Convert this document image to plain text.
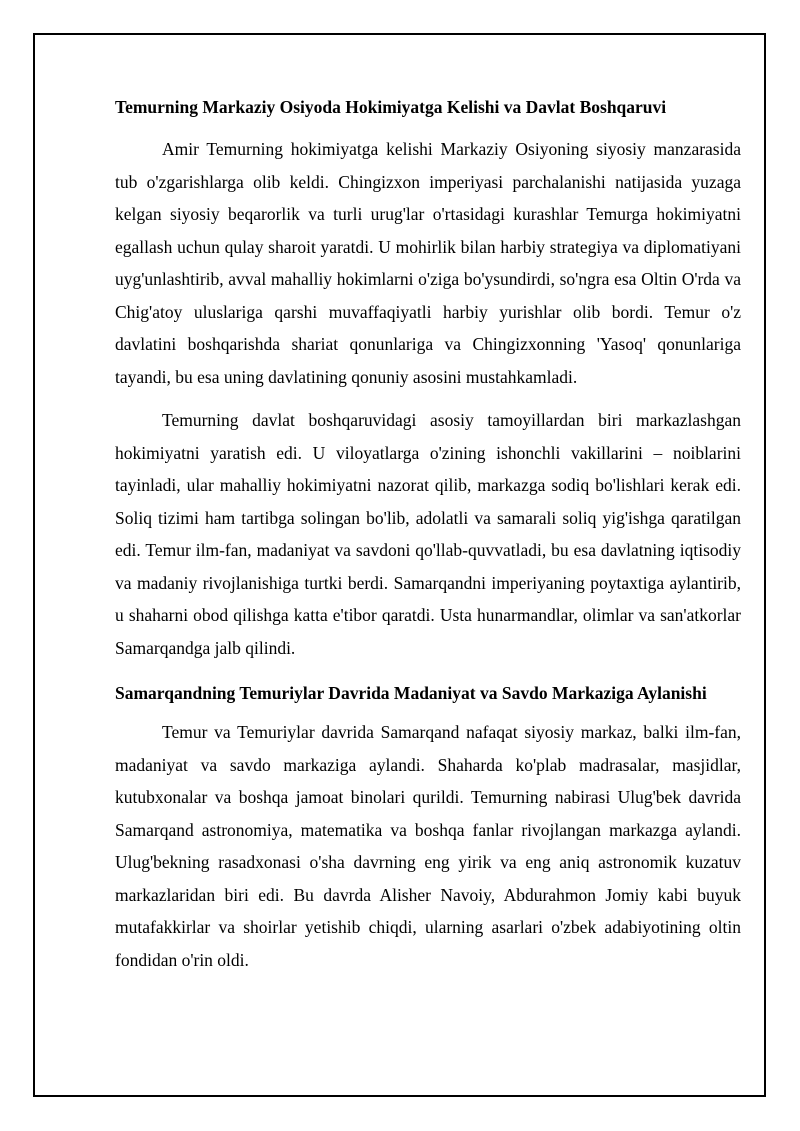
Temurning Markaziy Osiyoda Hokimiyatga Kelishi va Davlat Boshqaruvi

Amir Temurning hokimiyatga kelishi Markaziy Osiyoning siyosiy manzarasida tub o'zgarishlarga olib keldi. Chingizxon imperiyasi parchalanishi natijasida yuzaga kelgan siyosiy beqarorlik va turli urug'lar o'rtasidagi kurashlar Temurga hokimiyatni egallash uchun qulay sharoit yaratdi. U mohirlik bilan harbiy strategiya va diplomatiyani uyg'unlashtirib, avval mahalliy hokimlarni o'ziga bo'ysundirdi, so'ngra esa Oltin O'rda va Chig'atoy uluslariga qarshi muvaffaqiyatli harbiy yurishlar olib bordi. Temur o'z davlatini boshqarishda shariat qonunlariga va Chingizxonning 'Yasoq' qonunlariga tayandi, bu esa uning davlatining qonuniy asosini mustahkamladi.

Temurning davlat boshqaruvidagi asosiy tamoyillardan biri markazlashgan hokimiyatni yaratish edi. U viloyatlarga o'zining ishonchli vakillarini – noiblarini tayinladi, ular mahalliy hokimiyatni nazorat qilib, markazga sodiq bo'lishlari kerak edi. Soliq tizimi ham tartibga solingan bo'lib, adolatli va samarali soliq yig'ishga qaratilgan edi. Temur ilm-fan, madaniyat va savdoni qo'llab-quvvatladi, bu esa davlatning iqtisodiy va madaniy rivojlanishiga turtki berdi. Samarqandni imperiyaning poytaxtiga aylantirib, u shaharni obod qilishga katta e'tibor qaratdi. Usta hunarmandlar, olimlar va san'atkorlar Samarqandga jalb qilindi.

Samarqandning Temuriylar Davrida Madaniyat va Savdo Markaziga Aylanishi

Temur va Temuriylar davrida Samarqand nafaqat siyosiy markaz, balki ilm-fan, madaniyat va savdo markaziga aylandi. Shaharda ko'plab madrasalar, masjidlar, kutubxonalar va boshqa jamoat binolari qurildi. Temurning nabirasi Ulug'bek davrida Samarqand astronomiya, matematika va boshqa fanlar rivojlangan markazga aylandi. Ulug'bekning rasadxonasi o'sha davrning eng yirik va eng aniq astronomik kuzatuv markazlaridan biri edi. Bu davrda Alisher Navoiy, Abdurahmon Jomiy kabi buyuk mutafakkirlar va shoirlar yetishib chiqdi, ularning asarlari o'zbek adabiyotining oltin fondidan o'rin oldi.
